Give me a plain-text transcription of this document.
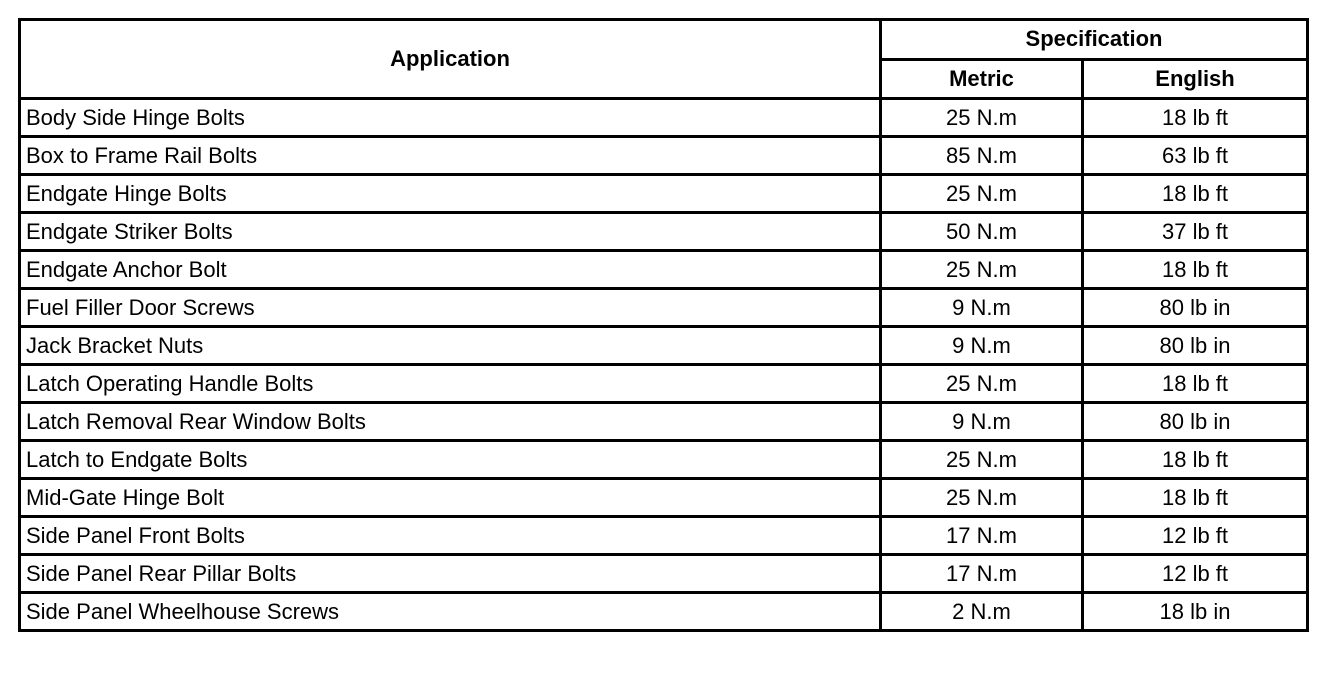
Application	Specification	
	Metric	English
Body Side Hinge Bolts	25 N.m	18 lb ft
Box to Frame Rail Bolts	85 N.m	63 lb ft
Endgate Hinge Bolts	25 N.m	18 lb ft
Endgate Striker Bolts	50 N.m	37 lb ft
Endgate Anchor Bolt	25 N.m	18 lb ft
Fuel Filler Door Screws	9 N.m	80 lb in
Jack Bracket Nuts	9 N.m	80 lb in
Latch Operating Handle Bolts	25 N.m	18 lb ft
Latch Removal Rear Window Bolts	9 N.m	80 lb in
Latch to Endgate Bolts	25 N.m	18 lb ft
Mid-Gate Hinge Bolt	25 N.m	18 lb ft
Side Panel Front Bolts	17 N.m	12 lb ft
Side Panel Rear Pillar Bolts	17 N.m	12 lb ft
Side Panel Wheelhouse Screws	2 N.m	18 lb in
